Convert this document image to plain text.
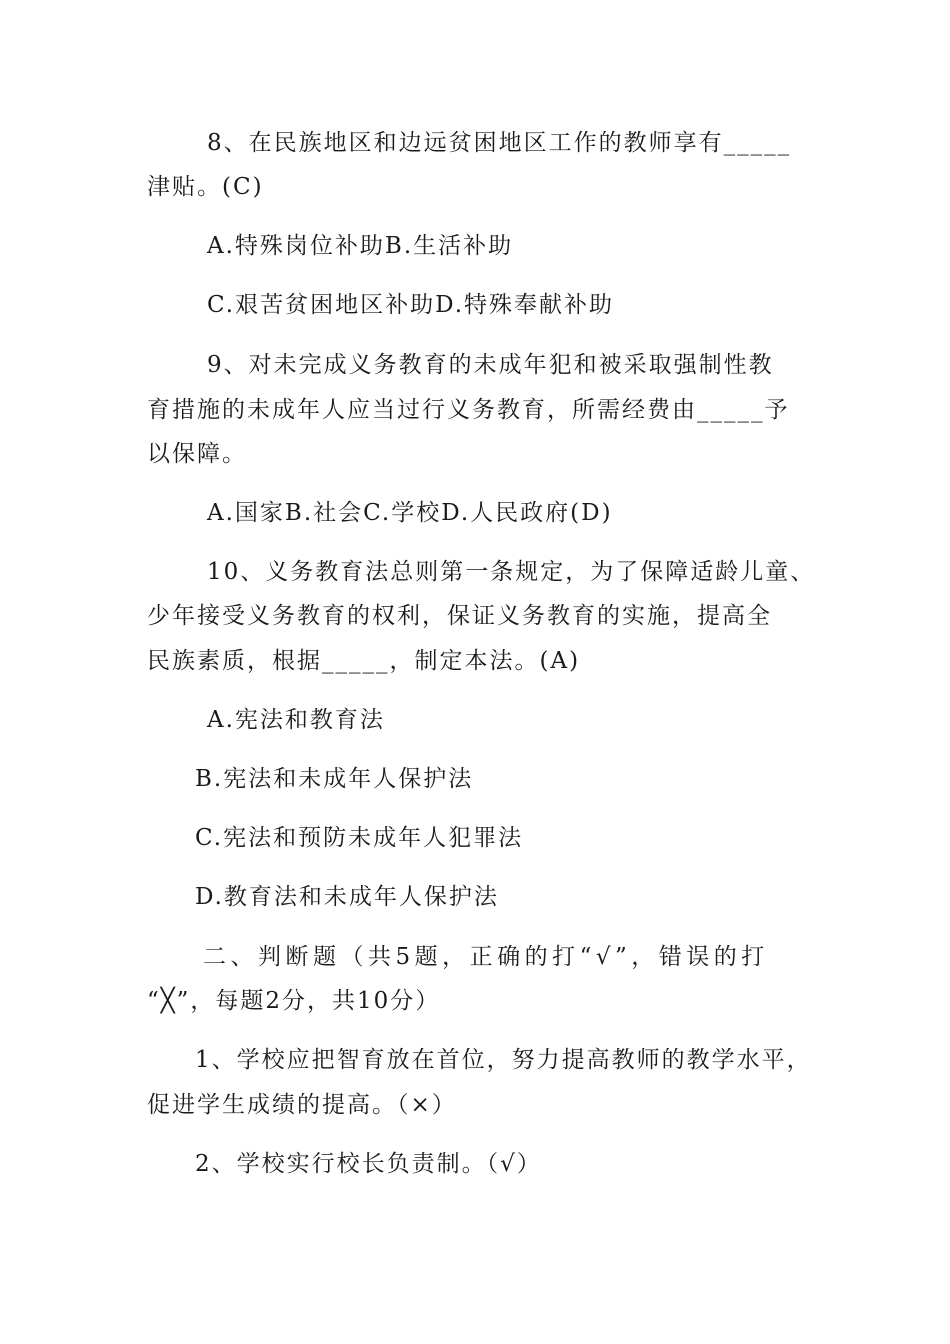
8、在民族地区和边远贫困地区工作的教师享有_____
津贴。(C)
A.特殊岗位补助B.生活补助
C.艰苦贫困地区补助D.特殊奉献补助
9、对未完成义务教育的未成年犯和被采取强制性教
育措施的未成年人应当过行义务教育，所需经费由_____予
以保障。
A.国家B.社会C.学校D.人民政府(D)
10、义务教育法总则第一条规定，为了保障适龄儿童、
少年接受义务教育的权利，保证义务教育的实施，提高全
民族素质，根据_____，制定本法。(A)
A.宪法和教育法
B.宪法和未成年人保护法
C.宪法和预防未成年人犯罪法
D.教育法和未成年人保护法
二、判断题（共5题，正确的打“√”，错误的打
“╳”，每题2分，共10分）
1、学校应把智育放在首位，努力提高教师的教学水平，
促进学生成绩的提高。（×）
2、学校实行校长负责制。（√）
